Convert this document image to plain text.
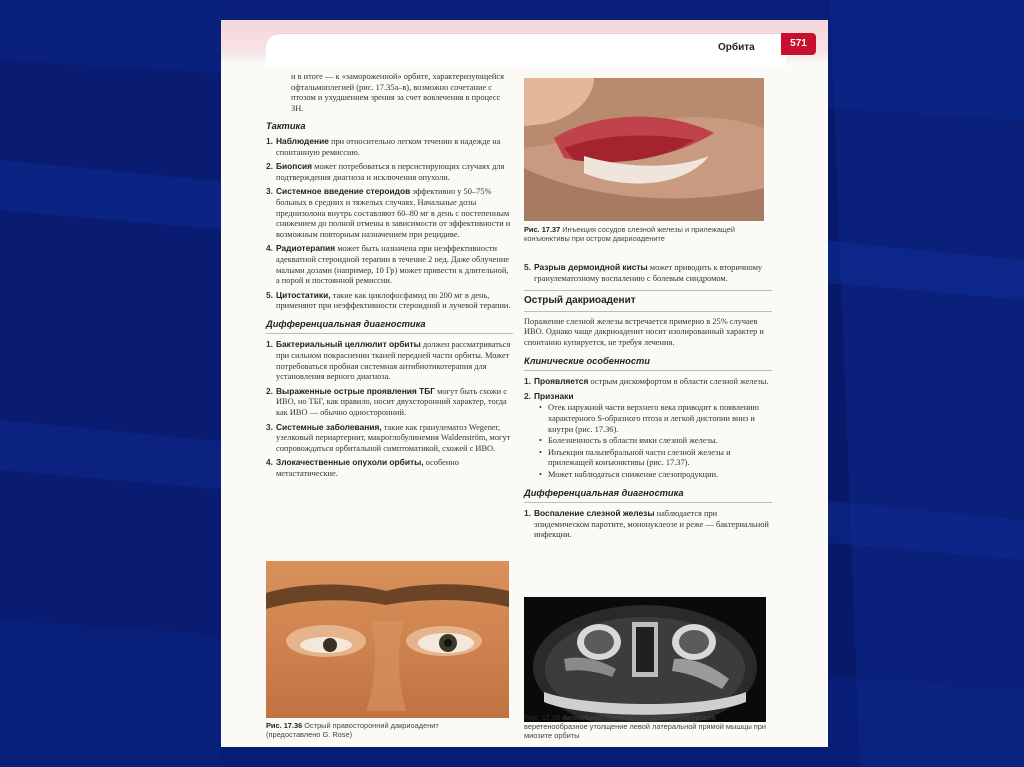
Орбита	571

и в итоге — к «замороженной» орбите, характеризующейся офтальмоплегией (рис. 17.35а–в), возможно сочетание с птозом и ухудшением зрения за счет вовлечения в процесс ЗН.

Тактика
1. Наблюдение при относительно легком течении в надежде на спонтанную ремиссию.
2. Биопсия может потребоваться в персистирующих случаях для подтверждения диагноза и исключения опухоли.
3. Системное введение стероидов эффективно у 50–75% больных в средних и тяжелых случаях. Начальные дозы преднизолона внутрь составляют 60–80 мг в день с постепенным снижением до полной отмены в зависимости от эффективности и возможным повторным назначением при рецидиве.
4. Радиотерапия может быть назначена при неэффективности адекватной стероидной терапии в течение 2 нед. Даже облучение малыми дозами (например, 10 Гр) может привести к длительной, а порой и постоянной ремиссии.
5. Цитостатики, такие как циклофосфамид по 200 мг в день, применяют при неэффективности стероидной и лучевой терапии.
Дифференциальная диагностика
1. Бактериальный целлюлит орбиты должен рассматриваться при сильном покраснении тканей передней части орбиты. Может потребоваться пробная системная антибиотикотерапия для установления верного диагноза.
2. Выраженные острые проявления ТБГ могут быть схожи с ИВО, но ТБГ, как правило, носит двухсторонний характер, тогда как ИВО — обычно односторонний.
3. Системные заболевания, такие как гранулематоз Wegener, узелковый периартериит, макроглобулинемия Waldenström, могут сопровождаться орбитальной симптоматикой, схожей с ИВО.
4. Злокачественные опухоли орбиты, особенно метастатические.
Рис. 17.36 Острый правосторонний дакриоаденит
(предоставлено G. Rose)
Рис. 17.37 Инъекция сосудов слезной железы и прилежащей конъюнктивы при остром дакриоадените
5. Разрыв дермоидной кисты может приводить к вторичному гранулематозному воспалению с болевым синдромом.
Острый дакриоаденит

Поражение слезной железы встречается примерно в 25% случаев ИВО. Однако чаще дакриоаденит носит изолированный характер и спонтанно купируется, не требуя лечения.

Клинические особенности
1. Проявляется острым дискомфортом в области слезной железы.
2. Признаки
• Отек наружной части верхнего века приводит к появлению характерного S-образного птоза и легкой дистопии вниз и кнутри (рис. 17.36).
• Болезненность в области ямки слезной железы.
• Инъекция пальпебральной части слезной железы и прилежащей конъюнктивы (рис. 17.37).
• Может наблюдаться снижение слезопродукции.
Дифференциальная диагностика
1. Воспаление слезной железы наблюдается при эпидемическом паротите, мононуклеозе и реже — бактериальной инфекции.
Рис. 17.38 Аксиальная проекция КТ, демонстрирующая веретенообразное утолщение левой латеральной прямой мышцы при миозите орбиты
